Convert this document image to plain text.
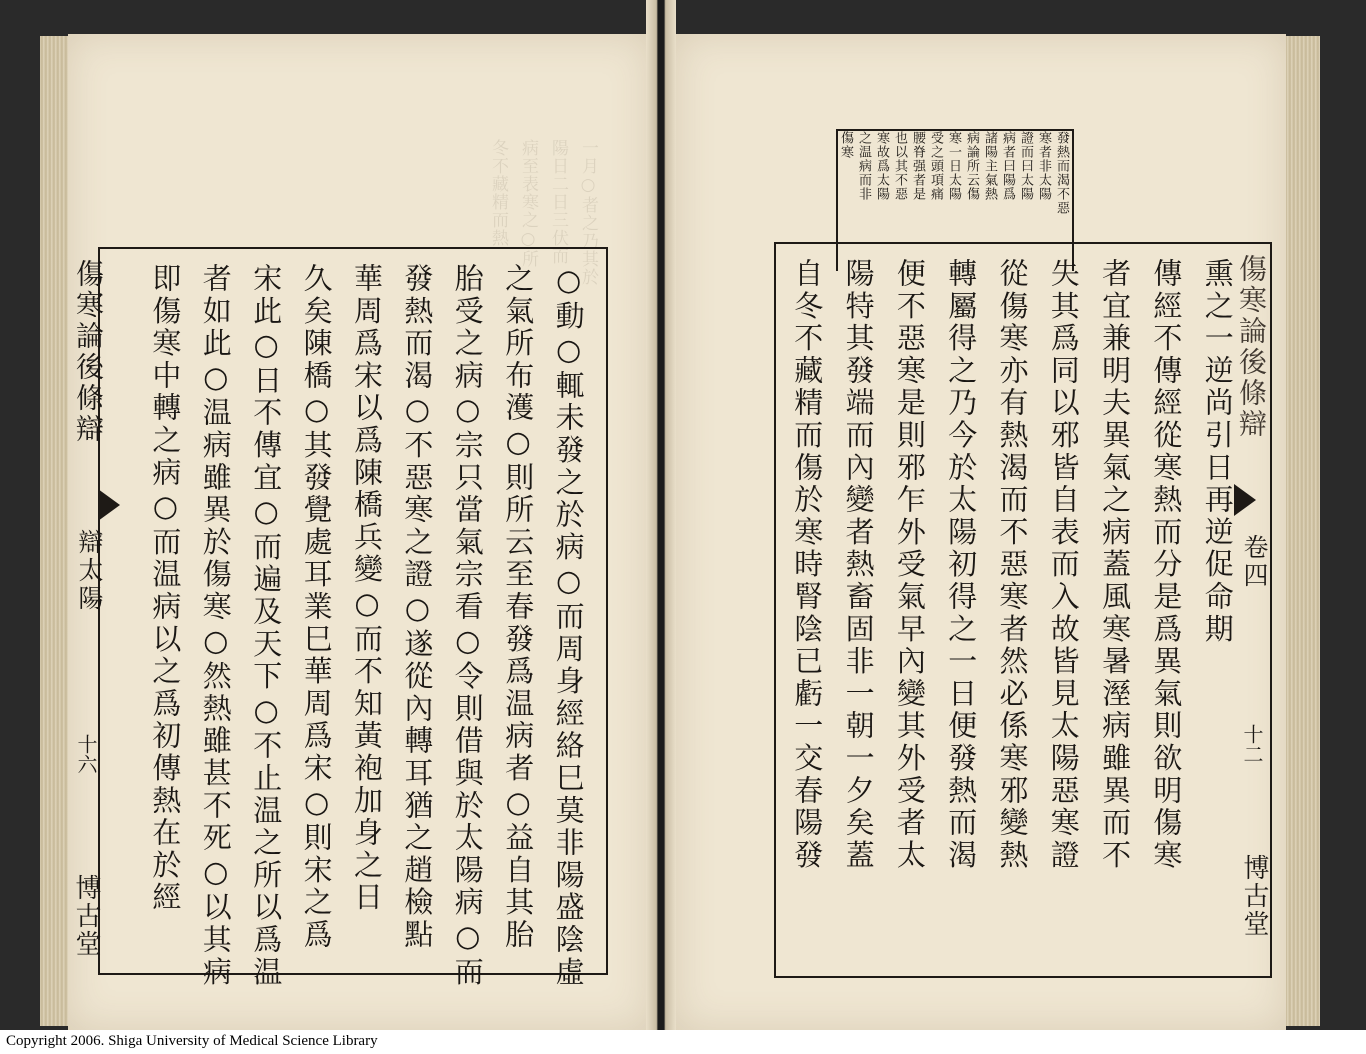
一月○者之乃其於
陽日二日三伏而
病至表寒之○所
冬不藏精而熱
○動○輒未發之於病○而周身經絡巳莫非陽盛陰虛
之氣所布濩○則所云至春發爲温病者○益自其胎
胎受之病○宗只當氣宗看○令則借與於太陽病○而
發熱而渴○不惡寒之證○遂從內轉耳猶之趙檢點
華周爲宋以爲陳橋兵變○而不知黃袍加身之日
久矣陳橋○其發覺處耳業巳華周爲宋○則宋之爲
宋此○日不傳宜○而遍及天下○不止温之所以爲温
者如此○温病雖異於傷寒○然熱雖甚不死○以其病
即傷寒中轉之病○而温病以之爲初傳熱在於經
傷寒論後條辯
辯太陽
十六
博古堂
發熱而渴不惡
寒者非太陽
證而曰太陽
病者曰陽爲
諸陽主氣熱
病論所云傷
寒一日太陽
受之頭項痛
腰脊强者是
也以其不惡
寒故爲太陽
之温病而非
傷寒
熏之一逆尚引日再逆促命期
傳經不傳經從寒熱而分是爲異氣則欲明傷寒
者宜兼明夫異氣之病蓋風寒暑溼病雖異而不
失其爲同以邪皆自表而入故皆見太陽惡寒證
從傷寒亦有熱渴而不惡寒者然必係寒邪變熱
轉屬得之乃今於太陽初得之一日便發熱而渴
便不惡寒是則邪乍外受氣早內變其外受者太
陽特其發端而內變者熱畜固非一朝一夕矣蓋
自冬不藏精而傷於寒時腎陰已虧一交春陽發	傷寒論後條辯
卷四
十二
博古堂
Copyright 2006. Shiga University of Medical Science Library
